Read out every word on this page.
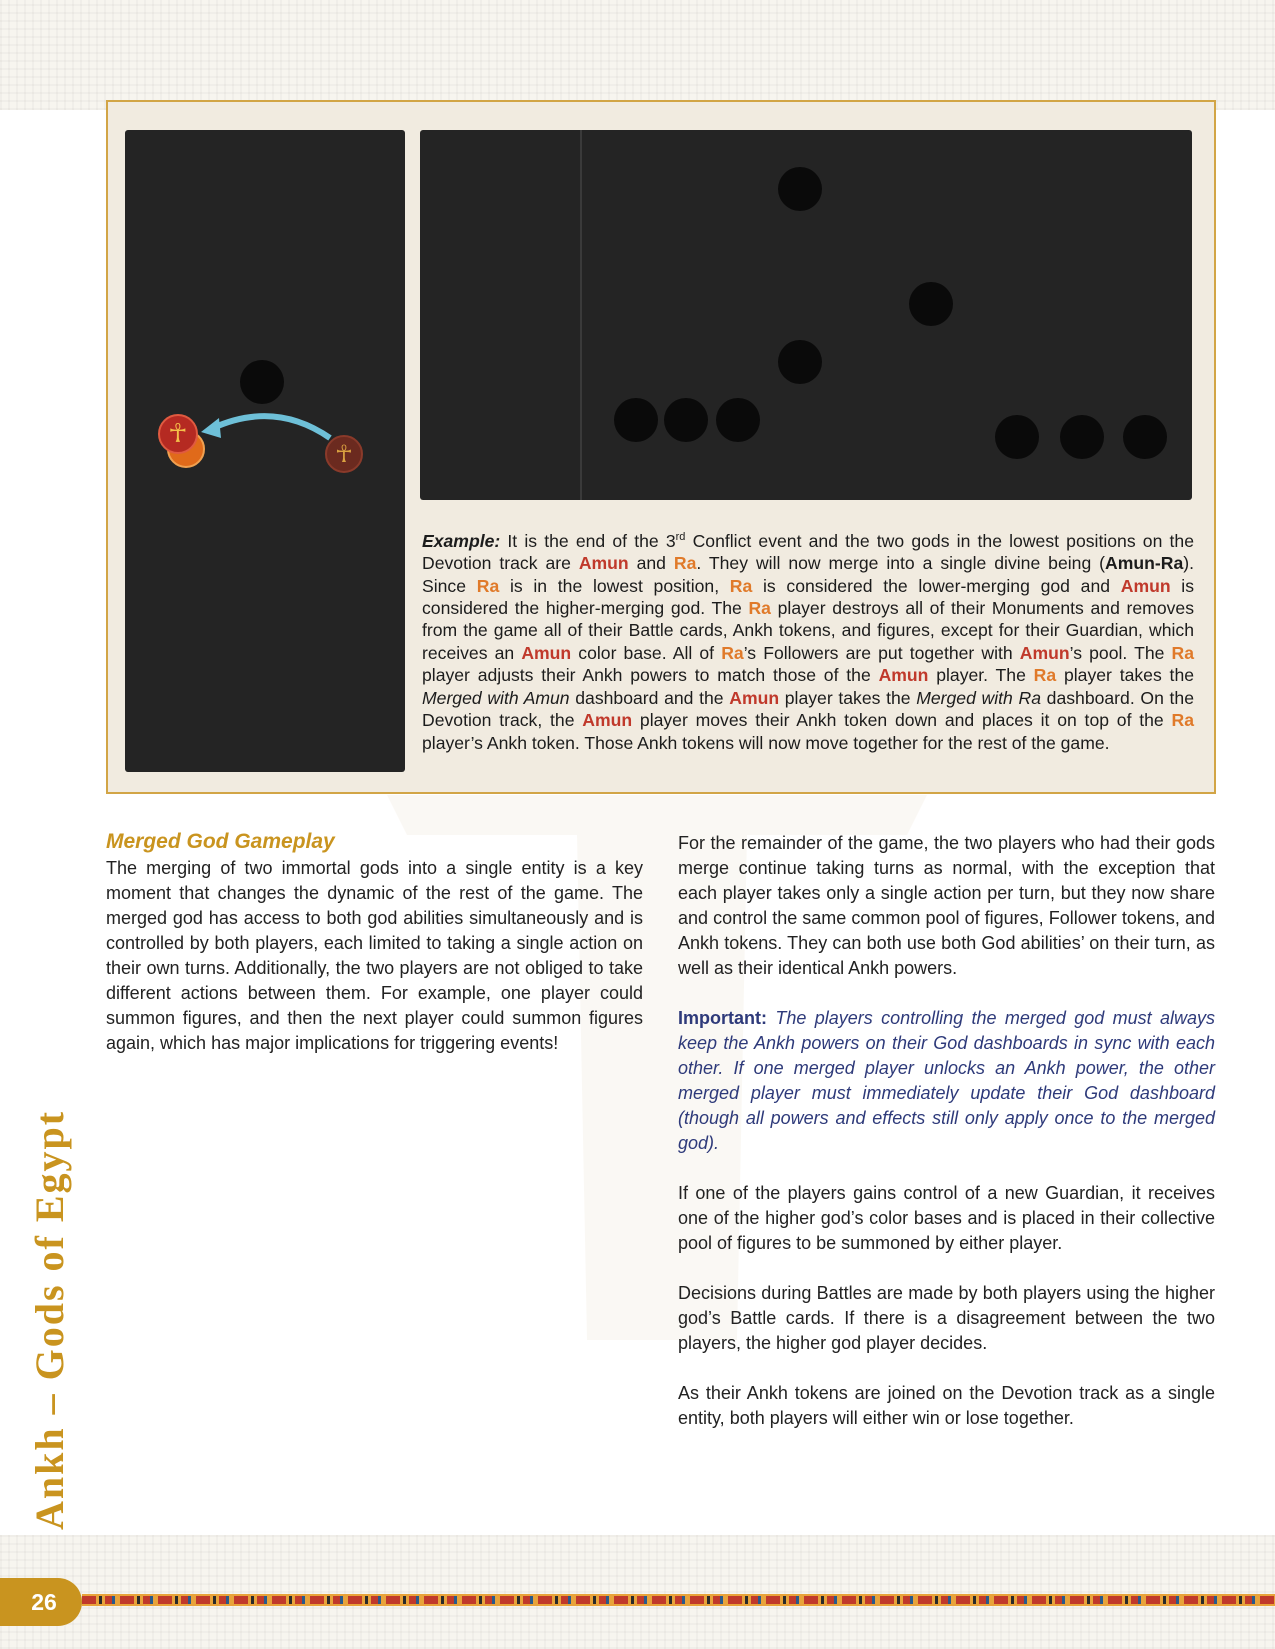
☥
☥
Example: It is the end of the 3rd Conflict event and the two gods in the lowest positions on the Devotion track are Amun and Ra. They will now merge into a single divine being (Amun-Ra). Since Ra is in the lowest position, Ra is considered the lower-merging god and Amun is considered the higher-merging god. The Ra player destroys all of their Monuments and removes from the game all of their Battle cards, Ankh tokens, and figures, except for their Guardian, which receives an Amun color base. All of Ra’s Followers are put together with Amun’s pool. The Ra player adjusts their Ankh powers to match those of the Amun player. The Ra player takes the Merged with Amun dashboard and the Amun player takes the Merged with Ra dashboard. On the Devotion track, the Amun player moves their Ankh token down and places it on top of the Ra player’s Ankh token. Those Ankh tokens will now move together for the rest of the game.
Merged God Gameplay

The merging of two immortal gods into a single entity is a key moment that changes the dynamic of the rest of the game. The merged god has access to both god abilities simultaneously and is controlled by both players, each limited to taking a single action on their own turns. Additionally, the two players are not obliged to take different actions between them. For example, one player could summon figures, and then the next player could summon figures again, which has major implications for triggering events!

For the remainder of the game, the two players who had their gods merge continue taking turns as normal, with the exception that each player takes only a single action per turn, but they now share and control the same common pool of figures, Follower tokens, and Ankh tokens. They can both use both God abilities’ on their turn, as well as their identical Ankh powers.

Important: The players controlling the merged god must always keep the Ankh powers on their God dashboards in sync with each other. If one merged player unlocks an Ankh power, the other merged player must immediately update their God dashboard (though all powers and effects still only apply once to the merged god).

If one of the players gains control of a new Guardian, it receives one of the higher god’s color bases and is placed in their collective pool of figures to be summoned by either player.

Decisions during Battles are made by both players using the higher god’s Battle cards. If there is a disagreement between the two players, the higher god player decides.

As their Ankh tokens are joined on the Devotion track as a single entity, both players will either win or lose together.

Ankh – Gods of Egypt
26
